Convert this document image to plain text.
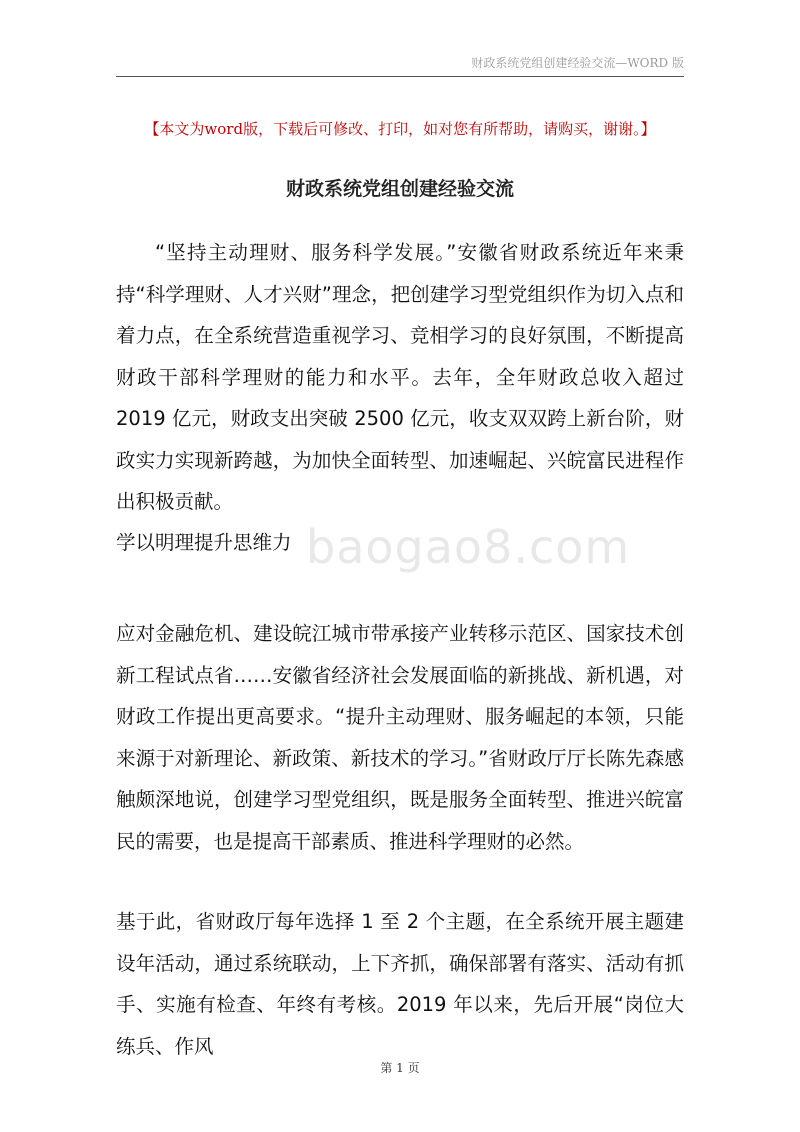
财政系统党组创建经验交流—WORD 版
【本文为word版，下载后可修改、打印，如对您有所帮助，请购买，谢谢。】
财政系统党组创建经验交流

“坚持主动理财、服务科学发展。”安徽省财政系统近年来秉持“科学理财、人才兴财”理念，把创建学习型党组织作为切入点和着力点，在全系统营造重视学习、竞相学习的良好氛围，不断提高财政干部科学理财的能力和水平。去年，全年财政总收入超过 2019 亿元，财政支出突破 2500 亿元，收支双双跨上新台阶，财政实力实现新跨越，为加快全面转型、加速崛起、兴皖富民进程作出积极贡献。

baogao8.com

学以明理提升思维力

应对金融危机、建设皖江城市带承接产业转移示范区、国家技术创新工程试点省……安徽省经济社会发展面临的新挑战、新机遇，对财政工作提出更高要求。“提升主动理财、服务崛起的本领，只能来源于对新理论、新政策、新技术的学习。”省财政厅厅长陈先森感触颇深地说，创建学习型党组织，既是服务全面转型、推进兴皖富民的需要，也是提高干部素质、推进科学理财的必然。

基于此，省财政厅每年选择 1 至 2 个主题，在全系统开展主题建设年活动，通过系统联动，上下齐抓，确保部署有落实、活动有抓手、实施有检查、年终有考核。2019 年以来，先后开展“岗位大练兵、作风

第 1 页
